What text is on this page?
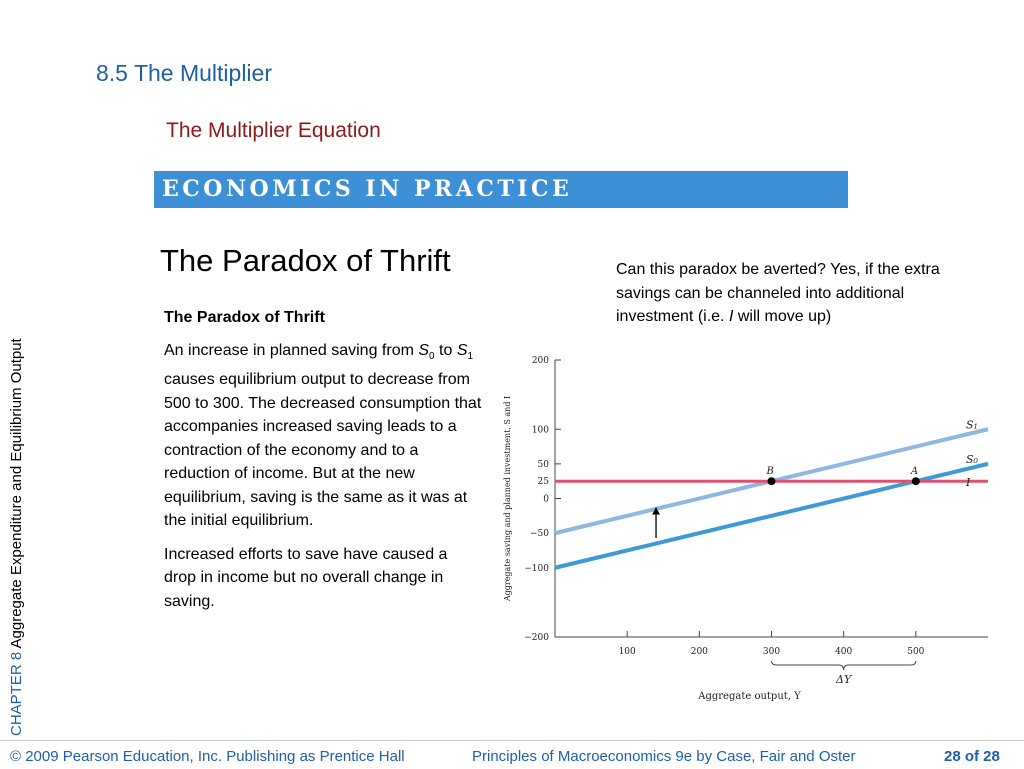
8.5 The Multiplier
The Multiplier Equation
ECONOMICS IN PRACTICE
CHAPTER 8 Aggregate Expenditure and Equilibrium Output
The Paradox of Thrift

The Paradox of Thrift

An increase in planned saving from $S_0$ to $S_1$ causes equilibrium output to decrease from 500 to 300. The decreased consumption that accompanies increased saving leads to a contraction of the economy and to a reduction of income. But at the new equilibrium, saving is the same as it was at the initial equilibrium.

Increased efforts to save have caused a drop in income but no overall change in saving.

Can this paradox be averted? Yes, if the extra savings can be channeled into additional investment (i.e. I will move up)
200
100
50
25
0
−50
−100
−200
100	200	300	400	500
S₁
S₀
I
B	A
ΔY
Aggregate output, Y
Aggregate saving and planned investment, S and I
© 2009 Pearson Education, Inc. Publishing as Prentice Hall	Principles of Macroeconomics 9e by Case, Fair and Oster	28 of 28
